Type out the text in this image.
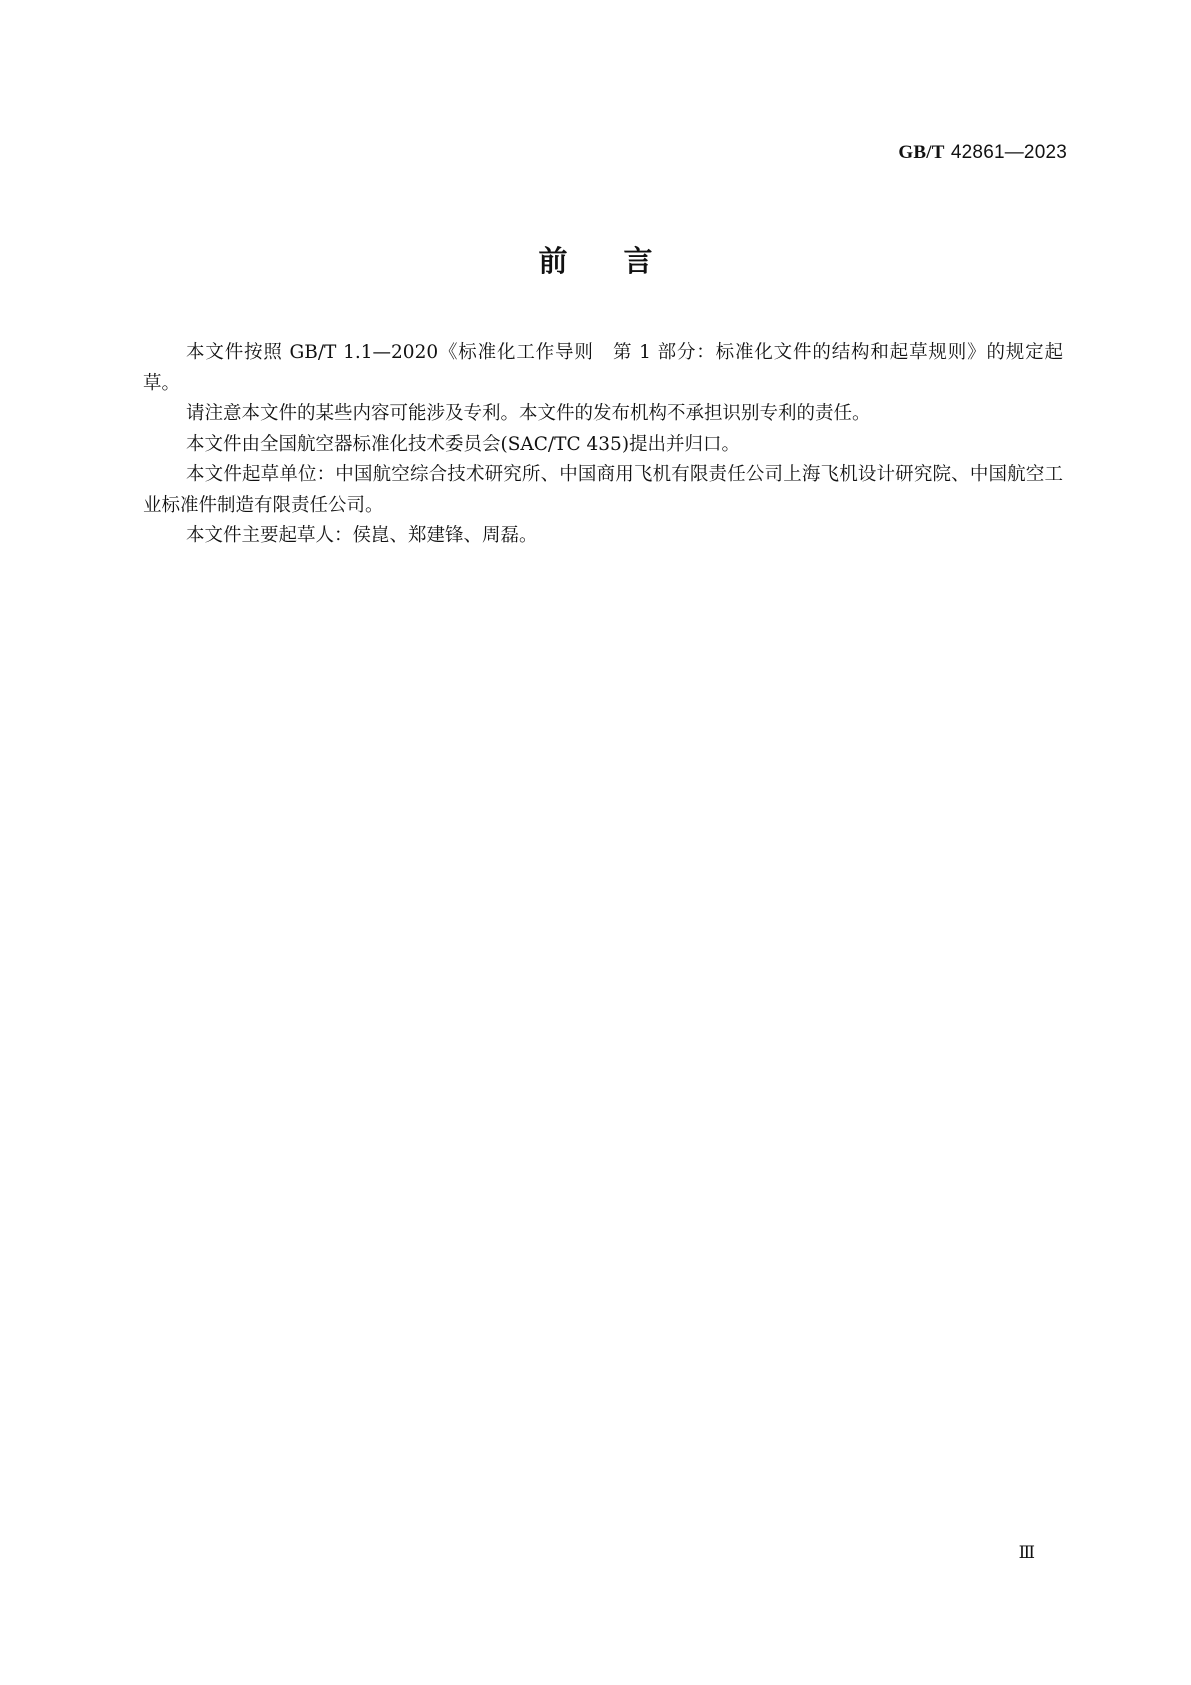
GB/T 42861—2023
前言

本文件按照 GB/T 1.1—2020《标准化工作导则　第 1 部分：标准化文件的结构和起草规则》的规定起草。

请注意本文件的某些内容可能涉及专利。本文件的发布机构不承担识别专利的责任。

本文件由全国航空器标准化技术委员会(SAC/TC 435)提出并归口。

本文件起草单位：中国航空综合技术研究所、中国商用飞机有限责任公司上海飞机设计研究院、中国航空工业标准件制造有限责任公司。

本文件主要起草人：侯崑、郑建锋、周磊。

Ⅲ
